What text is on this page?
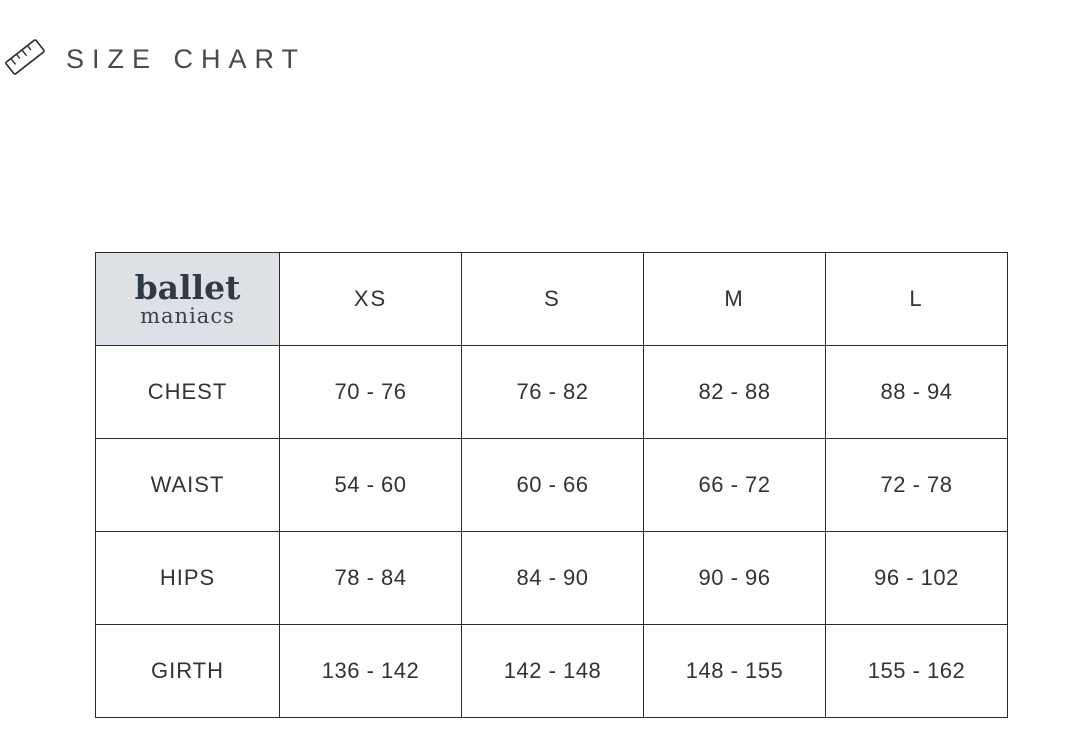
SIZE CHART
ballet
maniacs	XS	S	M	L
CHEST	70 - 76	76 - 82	82 - 88	88 - 94
WAIST	54 - 60	60 - 66	66 - 72	72 - 78
HIPS	78 - 84	84 - 90	90 - 96	96 - 102
GIRTH	136 - 142	142 - 148	148 - 155	155 - 162
